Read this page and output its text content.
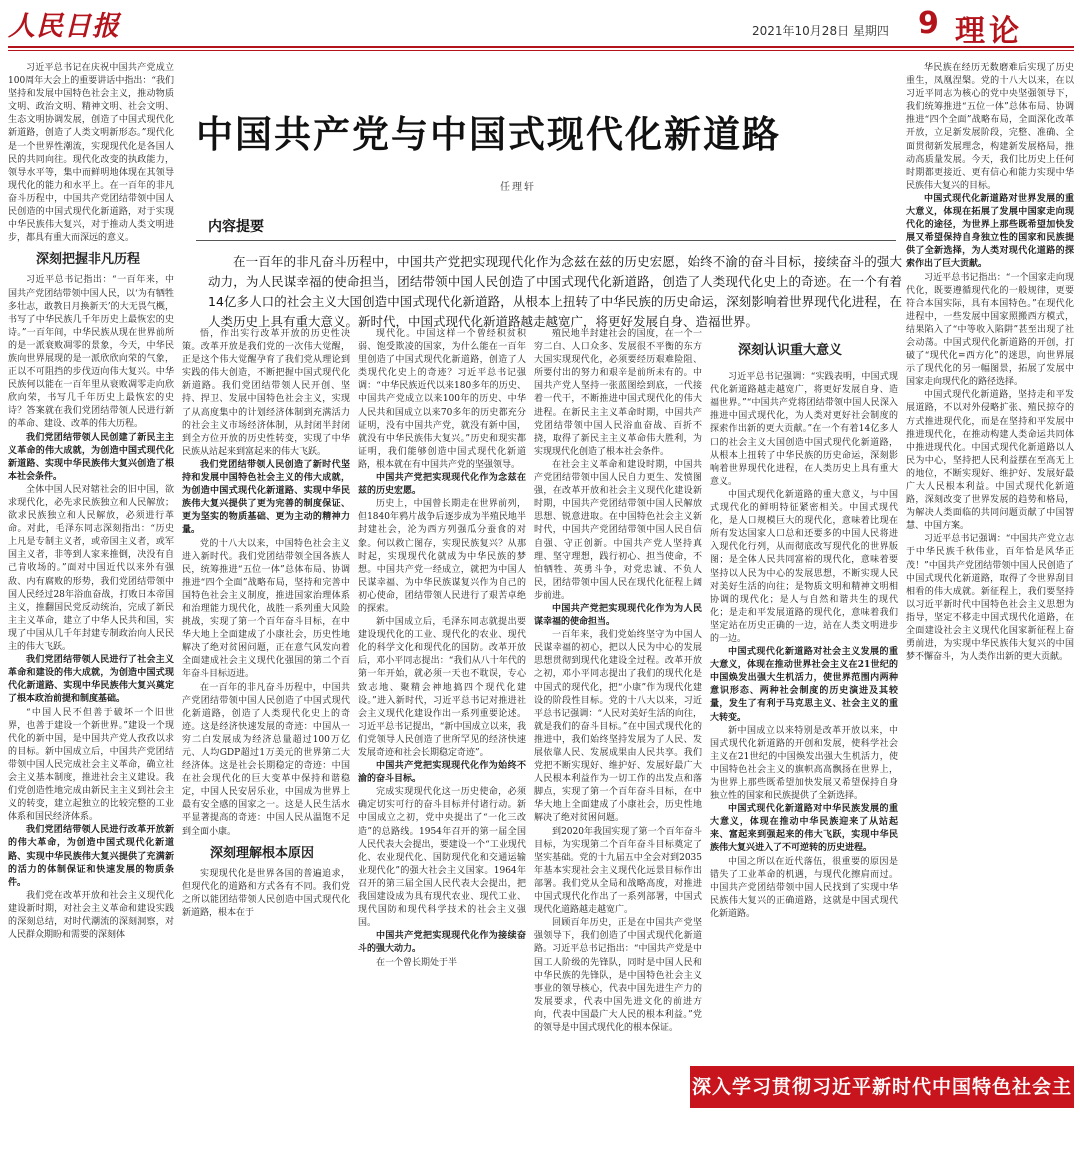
人民日报	2021年10月28日 星期四 9 理论

习近平总书记在庆祝中国共产党成立100周年大会上的重要讲话中指出：“我们坚持和发展中国特色社会主义，推动物质文明、政治文明、精神文明、社会文明、生态文明协调发展，创造了中国式现代化新道路，创造了人类文明新形态。”现代化是一个世界性潮流，实现现代化是各国人民的共同向往。现代化改变的执政能力，领导水平等，集中而鲜明地体现在其领导现代化的能力和水平上。在一百年的非凡奋斗历程中，中国共产党团结带领中国人民创造的中国式现代化新道路，对于实现中华民族伟大复兴，对于推动人类文明进步，都具有重大而深远的意义。

深刻把握非凡历程

习近平总书记指出：“一百年来，中国共产党团结带领中国人民，以‘为有牺牲多壮志，敢教日月换新天’的大无畏气概，书写了中华民族几千年历史上最恢宏的史诗。”一百年间，中华民族从现在世界前所的是一派衰败凋零的景象，今天，中华民族向世界展现的是一派欣欣向荣的气象，正以不可阻挡的步伐迈向伟大复兴。中华民族何以能在一百年里从衰败凋零走向欣欣向荣，书写几千年历史上最恢宏的史诗？答案就在我们党团结带领人民进行新的革命、建设、改革的伟大历程。

我们党团结带领人民创建了新民主主义革命的伟大成就，为创造中国式现代化新道路、实现中华民族伟大复兴创造了根本社会条件。

全体中国人民对辖社会的旧中国，欲求现代化，必先求民族独立和人民解放；欲求民族独立和人民解放，必须进行革命。对此，毛泽东同志深刻指出：“历史上凡是专制主义者，或帝国主义者，或军国主义者，非等到人家来推倒，决没有自己肯收场的。”面对中国近代以来外有强敌、内有腐败的形势，我们党团结带领中国人民经过28年浴血奋战，打败日本帝国主义，推翻国民党反动统治，完成了新民主主义革命，建立了中华人民共和国，实现了中国从几千年封建专制政治向人民民主的伟大飞跃。

我们党团结带领人民进行了社会主义革命和建设的伟大成就，为创造中国式现代化新道路、实现中华民族伟大复兴奠定了根本政治前提和制度基础。

“中国人民不但善于破坏一个旧世界，也善于建设一个新世界。”建设一个现代化的新中国，是中国共产党人孜孜以求的目标。新中国成立后，中国共产党团结带领中国人民完成社会主义革命，确立社会主义基本制度，推进社会主义建设。我们党创造性地完成由新民主主义到社会主义的转变，建立起独立的比较完整的工业体系和国民经济体系。

我们党团结带领人民进行改革开放新的伟大革命，为创造中国式现代化新道路、实现中华民族伟大复兴提供了充满新的活力的体制保证和快速发展的物质条件。

我们党在改革开放和社会主义现代化建设新时期，对社会主义革命和建设实践的深刻总结，对时代潮流的深刻洞察，对人民群众期盼和需要的深刻体

中国共产党与中国式现代化新道路
任理轩
内容提要
在一百年的非凡奋斗历程中，中国共产党把实现现代化作为念兹在兹的历史宏愿，始终不渝的奋斗目标，接续奋斗的强大动力，为人民谋幸福的使命担当，团结带领中国人民创造了中国式现代化新道路，创造了人类现代化史上的奇迹。在一个有着14亿多人口的社会主义大国创造中国式现代化新道路，从根本上扭转了中华民族的历史命运，深刻影响着世界现代化进程，在人类历史上具有重大意义。新时代，中国式现代化新道路越走越宽广，将更好发展自身、造福世界。

悟，作出实行改革开放的历史性决策。改革开放是我们党的一次伟大觉醒，正是这个伟大觉醒孕育了我们党从理论到实践的伟大创造，不断把握中国式现代化新道路。我们党团结带领人民开创、坚持、捍卫、发展中国特色社会主义，实现了从高度集中的计划经济体制到充满活力的社会主义市场经济体制，从封闭半封闭到全方位开放的历史性转变，实现了中华民族从站起来到富起来的伟大飞跃。

我们党团结带领人民创造了新时代坚持和发展中国特色社会主义的伟大成就，为创造中国式现代化新道路、实现中华民族伟大复兴提供了更为完善的制度保证、更为坚实的物质基础、更为主动的精神力量。

党的十八大以来，中国特色社会主义进入新时代。我们党团结带领全国各族人民，统筹推进“五位一体”总体布局、协调推进“四个全面”战略布局，坚持和完善中国特色社会主义制度，推进国家治理体系和治理能力现代化，战胜一系列重大风险挑战，实现了第一个百年奋斗目标，在中华大地上全面建成了小康社会，历史性地解决了绝对贫困问题，正在意气风发向着全面建成社会主义现代化强国的第二个百年奋斗目标迈进。

在一百年的非凡奋斗历程中，中国共产党团结带领中国人民创造了中国式现代化新道路，创造了人类现代化史上的奇迹。这是经济快速发展的奇迹：中国从一穷二白发展成为经济总量超过100万亿元、人均GDP超过1万美元的世界第二大经济体。这是社会长期稳定的奇迹：中国在社会现代化的巨大变革中保持和谐稳定，中国人民安居乐业，中国成为世界上最有安全感的国家之一。这是人民生活水平显著提高的奇迹：中国人民从温饱不足到全面小康。

深刻理解根本原因

实现现代化是世界各国的普遍追求，但现代化的道路和方式各有不同。我们党之所以能团结带领人民创造中国式现代化新道路，根本在于

现代化。中国这样一个曾经积贫积弱、饱受欺凌的国家，为什么能在一百年里创造了中国式现代化新道路，创造了人类现代化史上的奇迹？习近平总书记强调：“中华民族近代以来180多年的历史、中国共产党成立以来100年的历史、中华人民共和国成立以来70多年的历史都充分证明，没有中国共产党，就没有新中国，就没有中华民族伟大复兴。”历史和现实都证明，我们能够创造中国式现代化新道路，根本就在有中国共产党的坚强领导。

中国共产党把实现现代化作为念兹在兹的历史宏愿。

历史上，中国曾长期走在世界前列，但1840年鸦片战争后逐步成为半殖民地半封建社会，沦为西方列强瓜分蚕食的对象。何以救亡图存，实现民族复兴？从那时起，实现现代化就成为中华民族的梦想。中国共产党一经成立，就把为中国人民谋幸福、为中华民族谋复兴作为自己的初心使命，团结带领人民进行了艰苦卓绝的探索。

新中国成立后，毛泽东同志就提出要建设现代化的工业、现代化的农业、现代化的科学文化和现代化的国防。改革开放后，邓小平同志提出：“我们从八十年代的第一年开始，就必须一天也不耽误，专心致志地、聚精会神地搞四个现代化建设。”进入新时代，习近平总书记对推进社会主义现代化建设作出一系列重要论述。习近平总书记提出，“新中国成立以来，我们党领导人民创造了世所罕见的经济快速发展奇迹和社会长期稳定奇迹”。

中国共产党把实现现代化作为始终不渝的奋斗目标。

完成实现现代化这一历史使命，必须确定切实可行的奋斗目标并付诸行动。新中国成立之初，党中央提出了“一化三改造”的总路线。1954年召开的第一届全国人民代表大会提出，要建设一个“工业现代化、农业现代化、国防现代化和交通运输业现代化”的强大社会主义国家。1964年召开的第三届全国人民代表大会提出，把我国建设成为具有现代农业、现代工业、现代国防和现代科学技术的社会主义强国。

中国共产党把实现现代化作为接续奋斗的强大动力。

在一个曾长期处于半

殖民地半封建社会的国度，在一个一穷二白、人口众多、发展很不平衡的东方大国实现现代化，必须要经历艰难险阻、所要付出的努力和艰辛是前所未有的。中国共产党人坚持一张蓝图绘到底，一代接着一代干，不断推进中国式现代化的伟大进程。在新民主主义革命时期，中国共产党团结带领中国人民浴血奋战、百折不挠，取得了新民主主义革命伟大胜利，为实现现代化创造了根本社会条件。

在社会主义革命和建设时期，中国共产党团结带领中国人民自力更生、发愤图强，在改革开放和社会主义现代化建设新时期，中国共产党团结带领中国人民解放思想、锐意进取。在中国特色社会主义新时代，中国共产党团结带领中国人民自信自强、守正创新。中国共产党人坚持真理、坚守理想，践行初心、担当使命，不怕牺牲、英勇斗争，对党忠诚、不负人民，团结带领中国人民在现代化征程上阔步前进。

中国共产党把实现现代化作为为人民谋幸福的使命担当。

一百年来，我们党始终坚守为中国人民谋幸福的初心，把以人民为中心的发展思想贯彻到现代化建设全过程。改革开放之初，邓小平同志提出了我们的现代化是中国式的现代化，把“小康”作为现代化建设的阶段性目标。党的十八大以来，习近平总书记强调：“人民对美好生活的向往，就是我们的奋斗目标。”在中国式现代化的推进中，我们始终坚持发展为了人民、发展依靠人民、发展成果由人民共享。我们党把不断实现好、维护好、发展好最广大人民根本利益作为一切工作的出发点和落脚点，实现了第一个百年奋斗目标，在中华大地上全面建成了小康社会，历史性地解决了绝对贫困问题。

到2020年我国实现了第一个百年奋斗目标，为实现第二个百年奋斗目标奠定了坚实基础。党的十九届五中全会对到2035年基本实现社会主义现代化远景目标作出部署。我们党从全局和战略高度，对推进中国式现代化作出了一系列部署，中国式现代化道路越走越宽广。

回顾百年历史，正是在中国共产党坚强领导下，我们创造了中国式现代化新道路。习近平总书记指出：“中国共产党是中国工人阶级的先锋队，同时是中国人民和中华民族的先锋队，是中国特色社会主义事业的领导核心，代表中国先进生产力的发展要求，代表中国先进文化的前进方向，代表中国最广大人民的根本利益。”党的领导是中国式现代化的根本保证。

深刻认识重大意义

习近平总书记强调：“实践表明，中国式现代化新道路越走越宽广，将更好发展自身、造福世界。”“中国共产党将团结带领中国人民深入推进中国式现代化，为人类对更好社会制度的探索作出新的更大贡献。”在一个有着14亿多人口的社会主义大国创造中国式现代化新道路，从根本上扭转了中华民族的历史命运，深刻影响着世界现代化进程，在人类历史上具有重大意义。

中国式现代化新道路的重大意义，与中国式现代化的鲜明特征紧密相关。中国式现代化，是人口规模巨大的现代化，意味着比现在所有发达国家人口总和还要多的中国人民将进入现代化行列，从而彻底改写现代化的世界版图；是全体人民共同富裕的现代化，意味着要坚持以人民为中心的发展思想，不断实现人民对美好生活的向往；是物质文明和精神文明相协调的现代化；是人与自然和谐共生的现代化；是走和平发展道路的现代化，意味着我们坚定站在历史正确的一边，站在人类文明进步的一边。

中国式现代化新道路对社会主义发展的重大意义，体现在推动世界社会主义在21世纪的中国焕发出强大生机活力，使世界范围内两种意识形态、两种社会制度的历史演进及其较量，发生了有利于马克思主义、社会主义的重大转变。

新中国成立以来特别是改革开放以来，中国式现代化新道路的开创和发展，使科学社会主义在21世纪的中国焕发出强大生机活力，使中国特色社会主义的旗帜高高飘扬在世界上，为世界上那些既希望加快发展又希望保持自身独立性的国家和民族提供了全新选择。

中国式现代化新道路对中华民族发展的重大意义，体现在推动中华民族迎来了从站起来、富起来到强起来的伟大飞跃，实现中华民族伟大复兴进入了不可逆转的历史进程。

中国之所以在近代落伍，很重要的原因是错失了工业革命的机遇，与现代化擦肩而过。中国共产党团结带领中国人民找到了实现中华民族伟大复兴的正确道路，这就是中国式现代化新道路。

华民族在经历无数磨难后实现了历史重生，凤凰涅槃。党的十八大以来，在以习近平同志为核心的党中央坚强领导下，我们统筹推进“五位一体”总体布局、协调推进“四个全面”战略布局，全面深化改革开放，立足新发展阶段，完整、准确、全面贯彻新发展理念，构建新发展格局，推动高质量发展。今天，我们比历史上任何时期都更接近、更有信心和能力实现中华民族伟大复兴的目标。

中国式现代化新道路对世界发展的重大意义，体现在拓展了发展中国家走向现代化的途径，为世界上那些既希望加快发展又希望保持自身独立性的国家和民族提供了全新选择，为人类对现代化道路的探索作出了巨大贡献。

习近平总书记指出：“一个国家走向现代化，既要遵循现代化的一般规律，更要符合本国实际，具有本国特色。”在现代化进程中，一些发展中国家照搬西方模式，结果陷入了“中等收入陷阱”甚至出现了社会动荡。中国式现代化新道路的开创，打破了“现代化=西方化”的迷思，向世界展示了现代化的另一幅图景，拓展了发展中国家走向现代化的路径选择。

中国式现代化新道路，坚持走和平发展道路，不以对外侵略扩张、殖民掠夺的方式推进现代化，而是在坚持和平发展中推进现代化，在推动构建人类命运共同体中推进现代化。中国式现代化新道路以人民为中心，坚持把人民利益摆在至高无上的地位，不断实现好、维护好、发展好最广大人民根本利益。中国式现代化新道路，深刻改变了世界发展的趋势和格局，为解决人类面临的共同问题贡献了中国智慧、中国方案。

习近平总书记强调：“中国共产党立志于中华民族千秋伟业，百年恰是风华正茂！”中国共产党团结带领中国人民创造了中国式现代化新道路，取得了令世界刮目相看的伟大成就。新征程上，我们要坚持以习近平新时代中国特色社会主义思想为指导，坚定不移走中国式现代化道路，在全面建设社会主义现代化国家新征程上奋勇前进，为实现中华民族伟大复兴的中国梦不懈奋斗，为人类作出新的更大贡献。

深入学习贯彻习近平新时代中国特色社会主义思想
